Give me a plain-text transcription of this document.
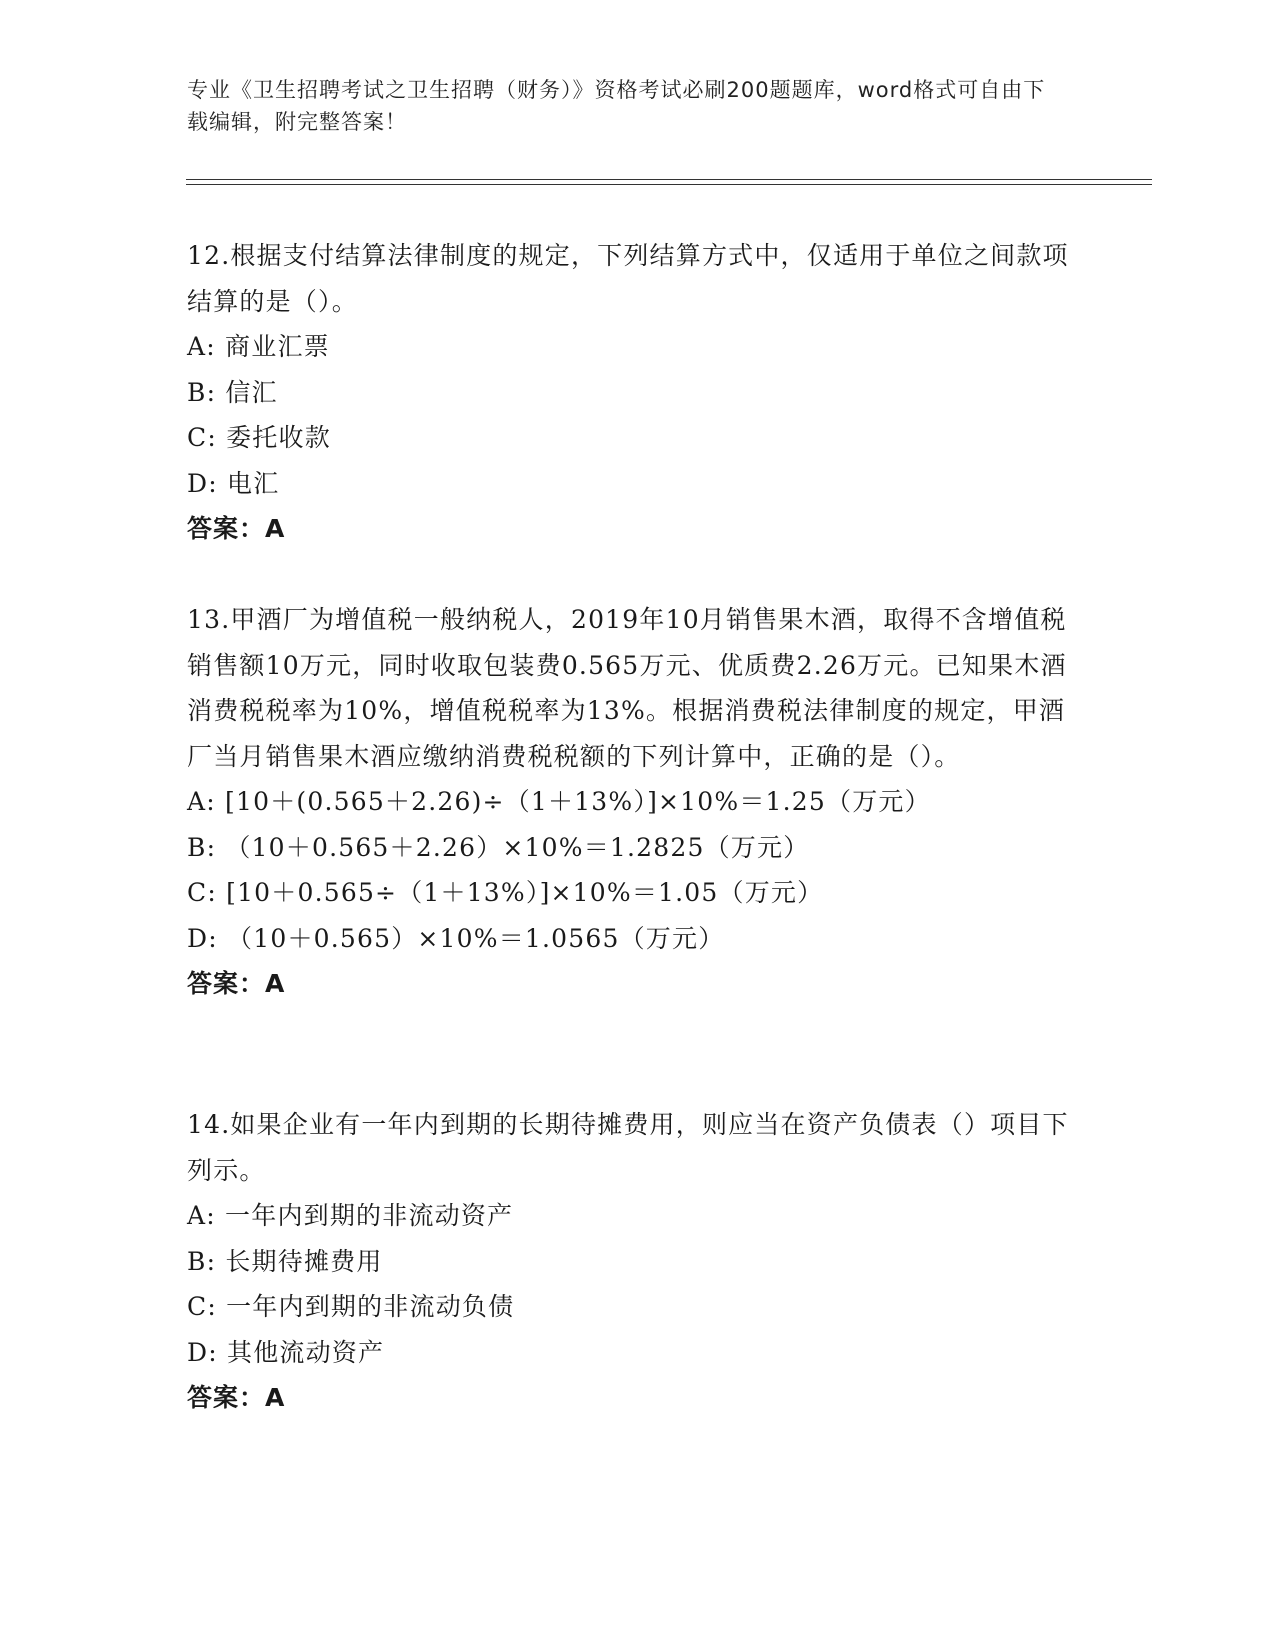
专业《卫生招聘考试之卫生招聘（财务）》资格考试必刷200题题库，word格式可自由下载编辑，附完整答案！

12.根据支付结算法律制度的规定，下列结算方式中，仅适用于单位之间款项结算的是（）。

A: 商业汇票
B: 信汇
C: 委托收款
D: 电汇
答案：A

13.甲酒厂为增值税一般纳税人，2019年10月销售果木酒，取得不含增值税销售额10万元，同时收取包装费0.565万元、优质费2.26万元。已知果木酒消费税税率为10%，增值税税率为13%。根据消费税法律制度的规定，甲酒厂当月销售果木酒应缴纳消费税税额的下列计算中，正确的是（）。

A: [10＋(0.565＋2.26)÷（1＋13%）]×10%＝1.25（万元）
B: （10＋0.565＋2.26）×10%＝1.2825（万元）
C: [10＋0.565÷（1＋13%）]×10%＝1.05（万元）
D: （10＋0.565）×10%＝1.0565（万元）
答案：A

14.如果企业有一年内到期的长期待摊费用，则应当在资产负债表（）项目下列示。

A: 一年内到期的非流动资产
B: 长期待摊费用
C: 一年内到期的非流动负债
D: 其他流动资产
答案：A
